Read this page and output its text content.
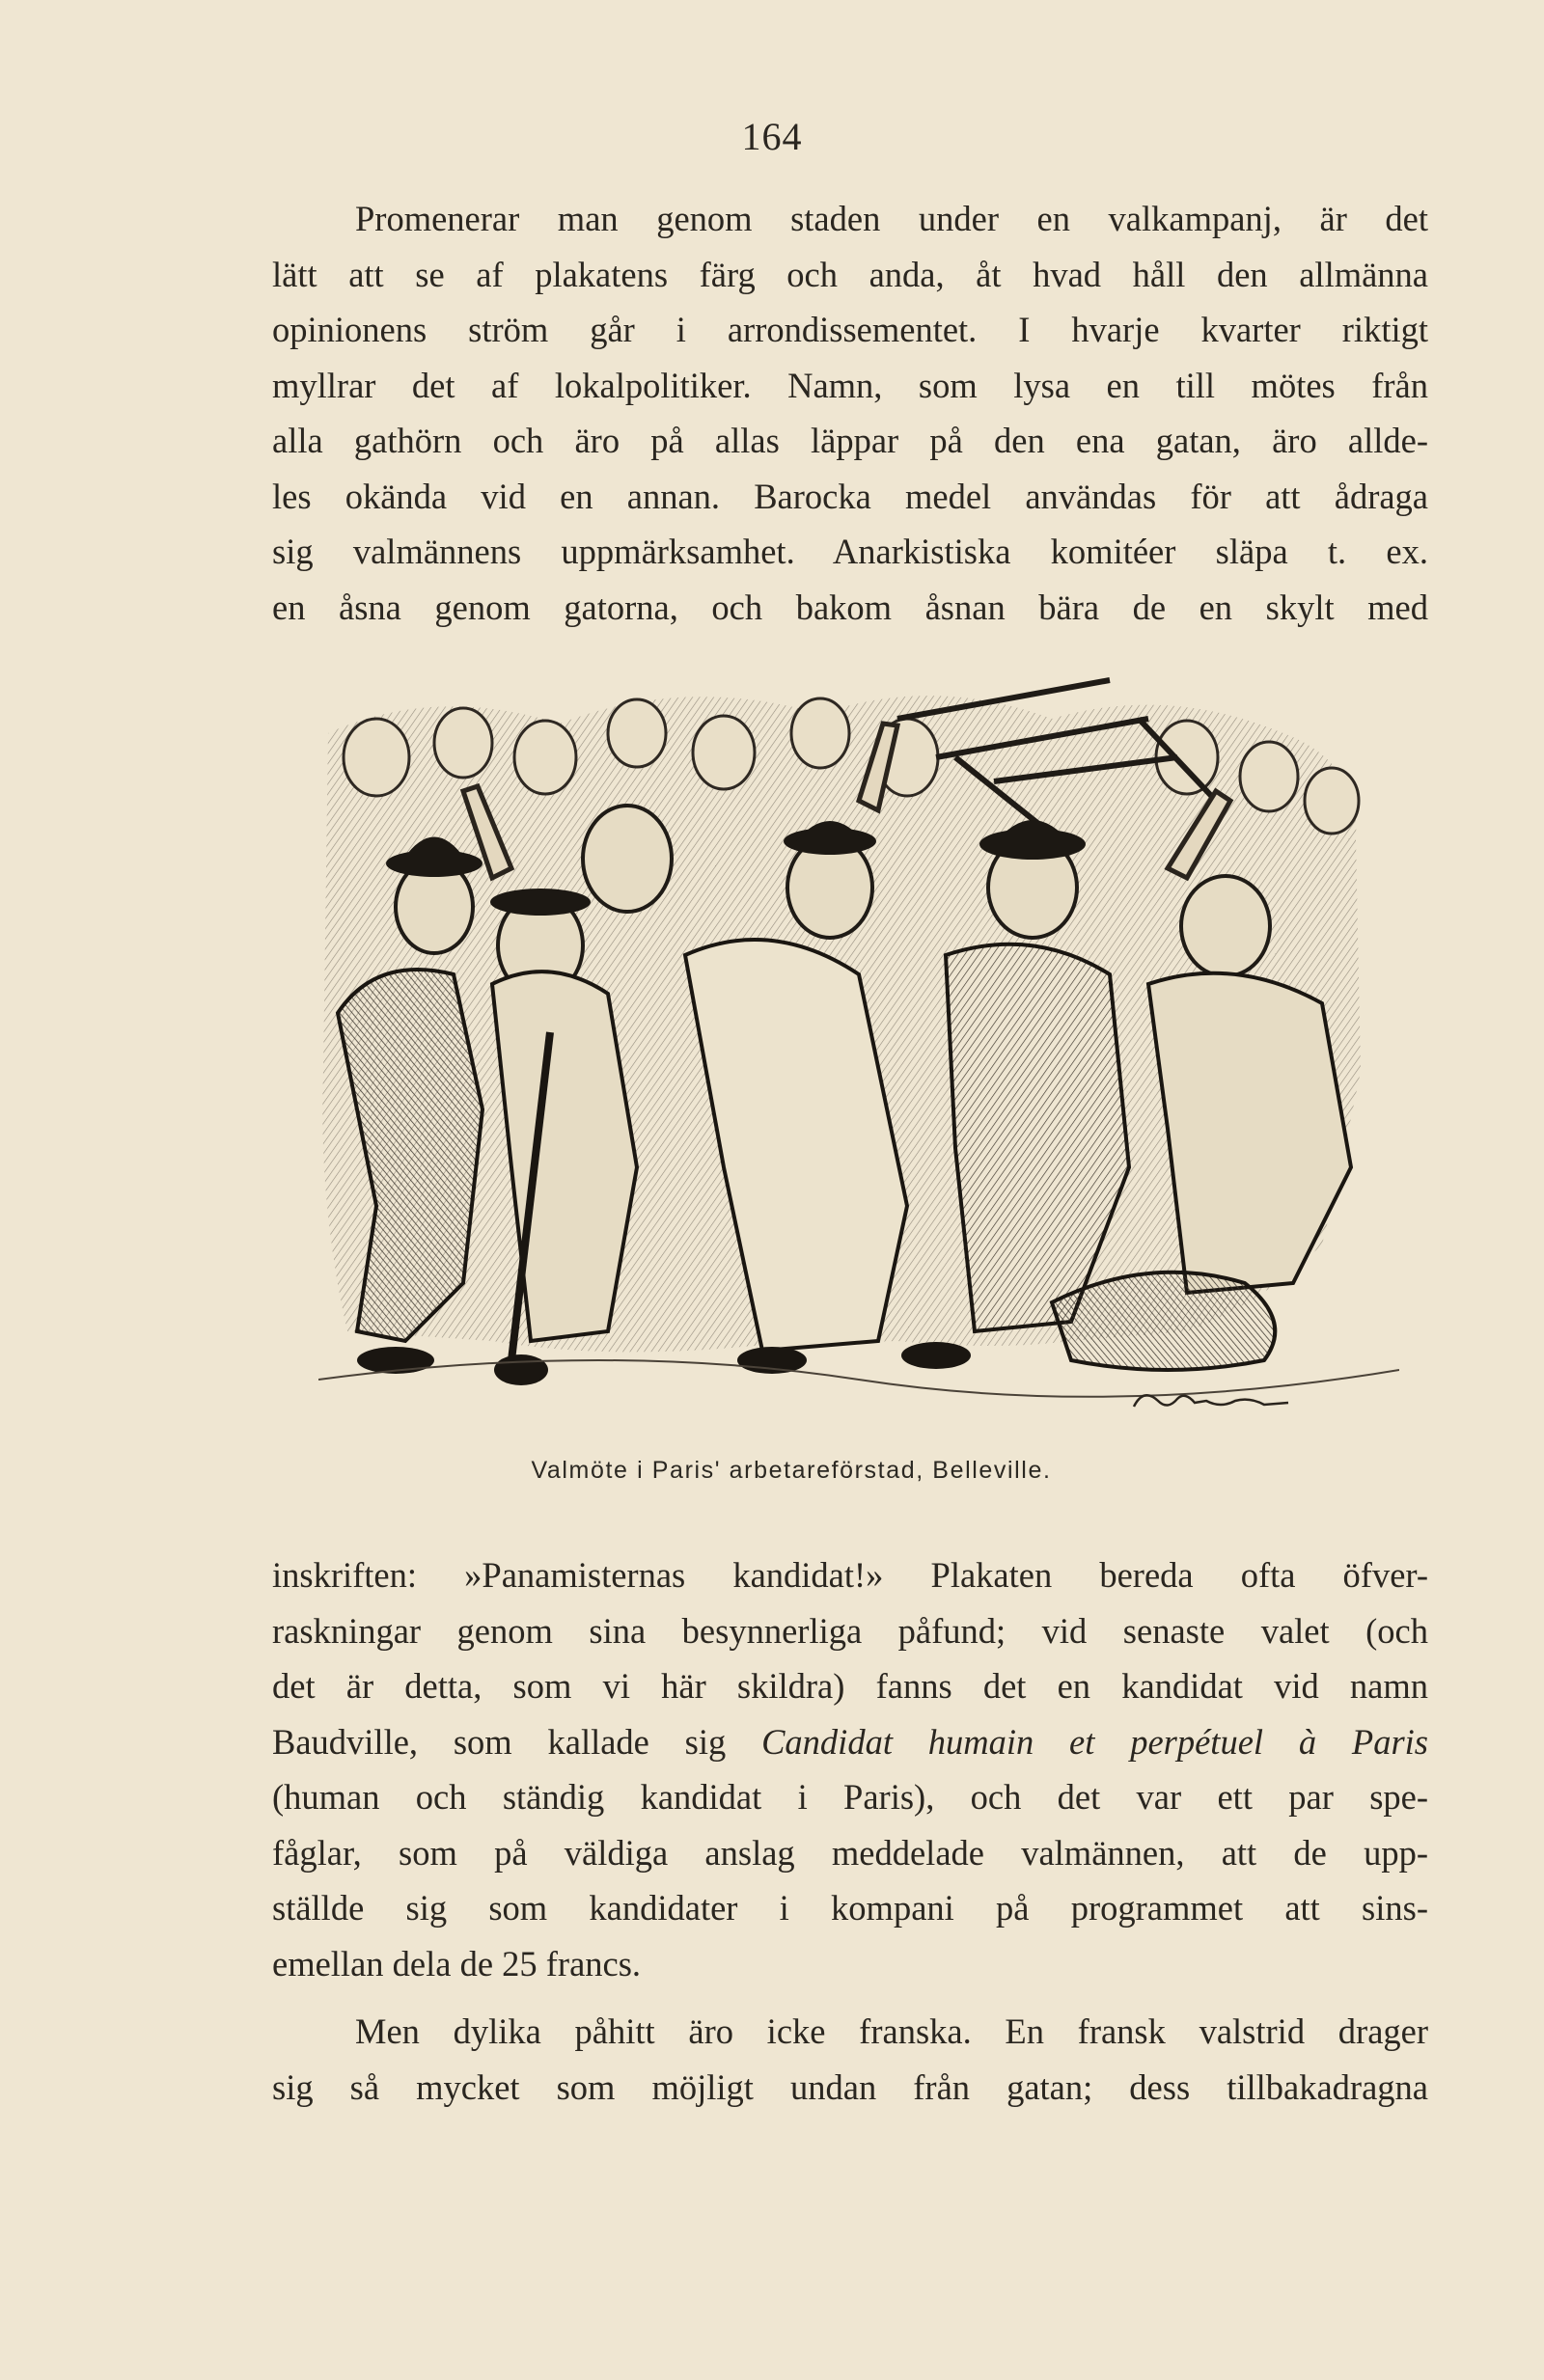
164
Promenerar man genom staden under en valkampanj, är det
lätt att se af plakatens färg och anda, åt hvad håll den allmänna
opinionens ström går i arrondissementet. I hvarje kvarter riktigt
myllrar det af lokalpolitiker. Namn, som lysa en till mötes från
alla gathörn och äro på allas läppar på den ena gatan, äro allde-
les okända vid en annan. Barocka medel användas för att ådraga
sig valmännens uppmärksamhet. Anarkistiska komitéer släpa t. ex.
en åsna genom gatorna, och bakom åsnan bära de en skylt med
Valmöte i Paris' arbetareförstad, Belleville.
inskriften: »Panamisternas kandidat!» Plakaten bereda ofta öfver-
raskningar genom sina besynnerliga påfund; vid senaste valet (och
det är detta, som vi här skildra) fanns det en kandidat vid namn
Baudville, som kallade sig Candidat humain et perpétuel à Paris
(human och ständig kandidat i Paris), och det var ett par spe-
fåglar, som på väldiga anslag meddelade valmännen, att de upp-
ställde sig som kandidater i kompani på programmet att sins-
emellan dela de 25 francs.
Men dylika påhitt äro icke franska. En fransk valstrid drager
sig så mycket som möjligt undan från gatan; dess tillbakadragna
